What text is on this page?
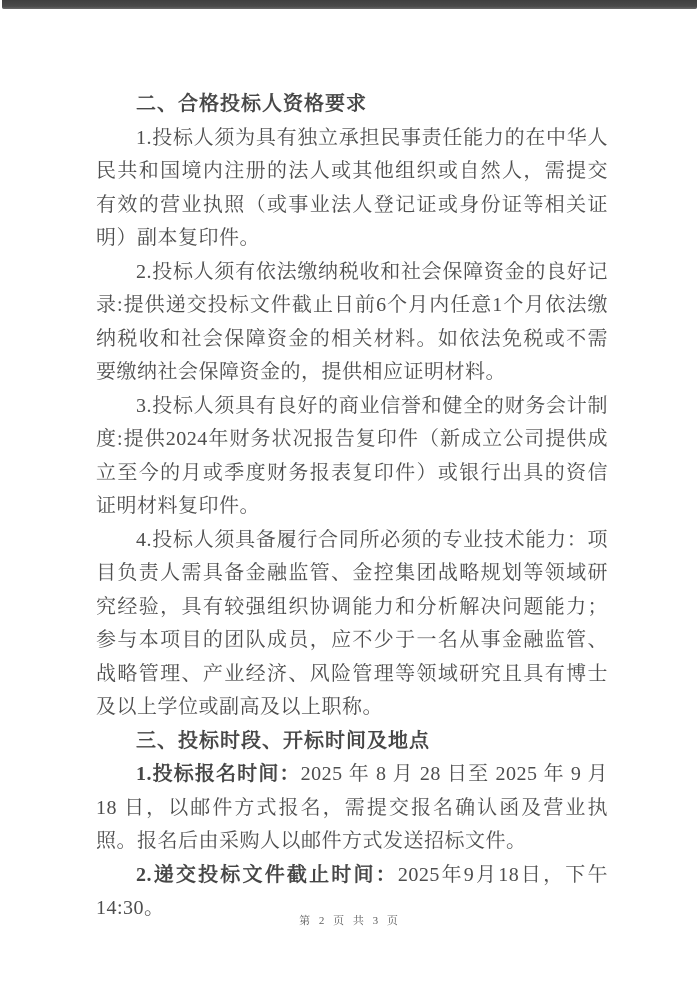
二、合格投标人资格要求

1.投标人须为具有独立承担民事责任能力的在中华人民共和国境内注册的法人或其他组织或自然人，需提交有效的营业执照（或事业法人登记证或身份证等相关证明）副本复印件。

2.投标人须有依法缴纳税收和社会保障资金的良好记录:提供递交投标文件截止日前6个月内任意1个月依法缴纳税收和社会保障资金的相关材料。如依法免税或不需要缴纳社会保障资金的，提供相应证明材料。

3.投标人须具有良好的商业信誉和健全的财务会计制度:提供2024年财务状况报告复印件（新成立公司提供成立至今的月或季度财务报表复印件）或银行出具的资信证明材料复印件。

4.投标人须具备履行合同所必须的专业技术能力：项目负责人需具备金融监管、金控集团战略规划等领域研究经验，具有较强组织协调能力和分析解决问题能力；参与本项目的团队成员，应不少于一名从事金融监管、战略管理、产业经济、风险管理等领域研究且具有博士及以上学位或副高及以上职称。

三、投标时段、开标时间及地点

1.投标报名时间：2025 年 8 月 28 日至 2025 年 9 月 18 日，以邮件方式报名，需提交报名确认函及营业执照。报名后由采购人以邮件方式发送招标文件。

2.递交投标文件截止时间：2025年9月18日，下午14:30。

第 2 页 共 3 页
